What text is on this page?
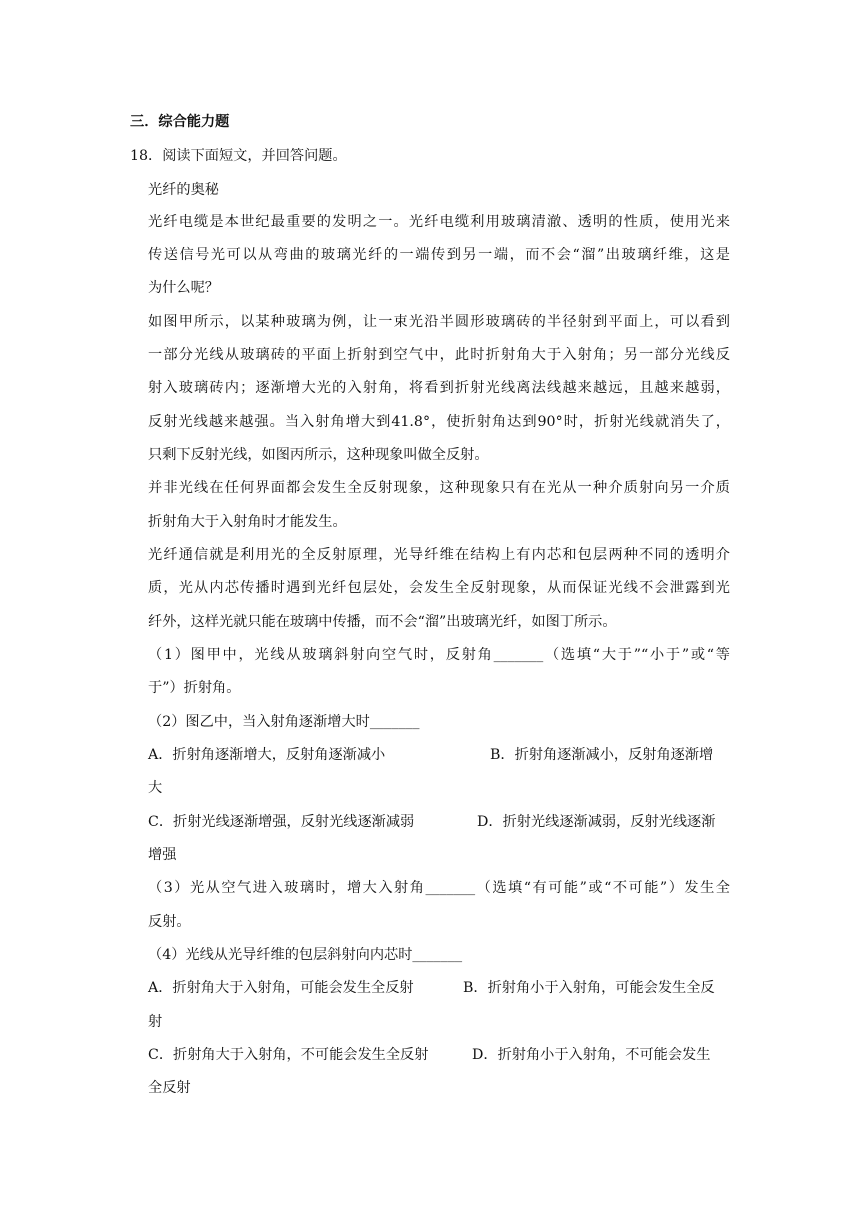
三．综合能力题
18．阅读下面短文，并回答问题。
光纤的奥秘
光纤电缆是本世纪最重要的发明之一。光纤电缆利用玻璃清澈、透明的性质，使用光来
传送信号光可以从弯曲的玻璃光纤的一端传到另一端，而不会“溜”出玻璃纤维，这是
为什么呢？
如图甲所示，以某种玻璃为例，让一束光沿半圆形玻璃砖的半径射到平面上，可以看到
一部分光线从玻璃砖的平面上折射到空气中，此时折射角大于入射角；另一部分光线反
射入玻璃砖内；逐渐增大光的入射角，将看到折射光线离法线越来越远，且越来越弱，
反射光线越来越强。当入射角增大到41.8°，使折射角达到90°时，折射光线就消失了，
只剩下反射光线，如图丙所示，这种现象叫做全反射。
并非光线在任何界面都会发生全反射现象，这种现象只有在光从一种介质射向另一介质
折射角大于入射角时才能发生。
光纤通信就是利用光的全反射原理，光导纤维在结构上有内芯和包层两种不同的透明介
质，光从内芯传播时遇到光纤包层处，会发生全反射现象，从而保证光线不会泄露到光
纤外，这样光就只能在玻璃中传播，而不会“溜”出玻璃光纤，如图丁所示。
（1）图甲中，光线从玻璃斜射向空气时，反射角_______（选填“大于”“小于”或“等
于”）折射角。
（2）图乙中，当入射角逐渐增大时_______
A．折射角逐渐增大，反射角逐渐减小	B．折射角逐渐减小，反射角逐渐增
大
C．折射光线逐渐增强，反射光线逐渐减弱	D．折射光线逐渐减弱，反射光线逐渐
增强
（3）光从空气进入玻璃时，增大入射角_______（选填“有可能”或“不可能”）发生全
反射。
（4）光线从光导纤维的包层斜射向内芯时_______
A．折射角大于入射角，可能会发生全反射	B．折射角小于入射角，可能会发生全反
射
C．折射角大于入射角，不可能会发生全反射	D．折射角小于入射角，不可能会发生
全反射
